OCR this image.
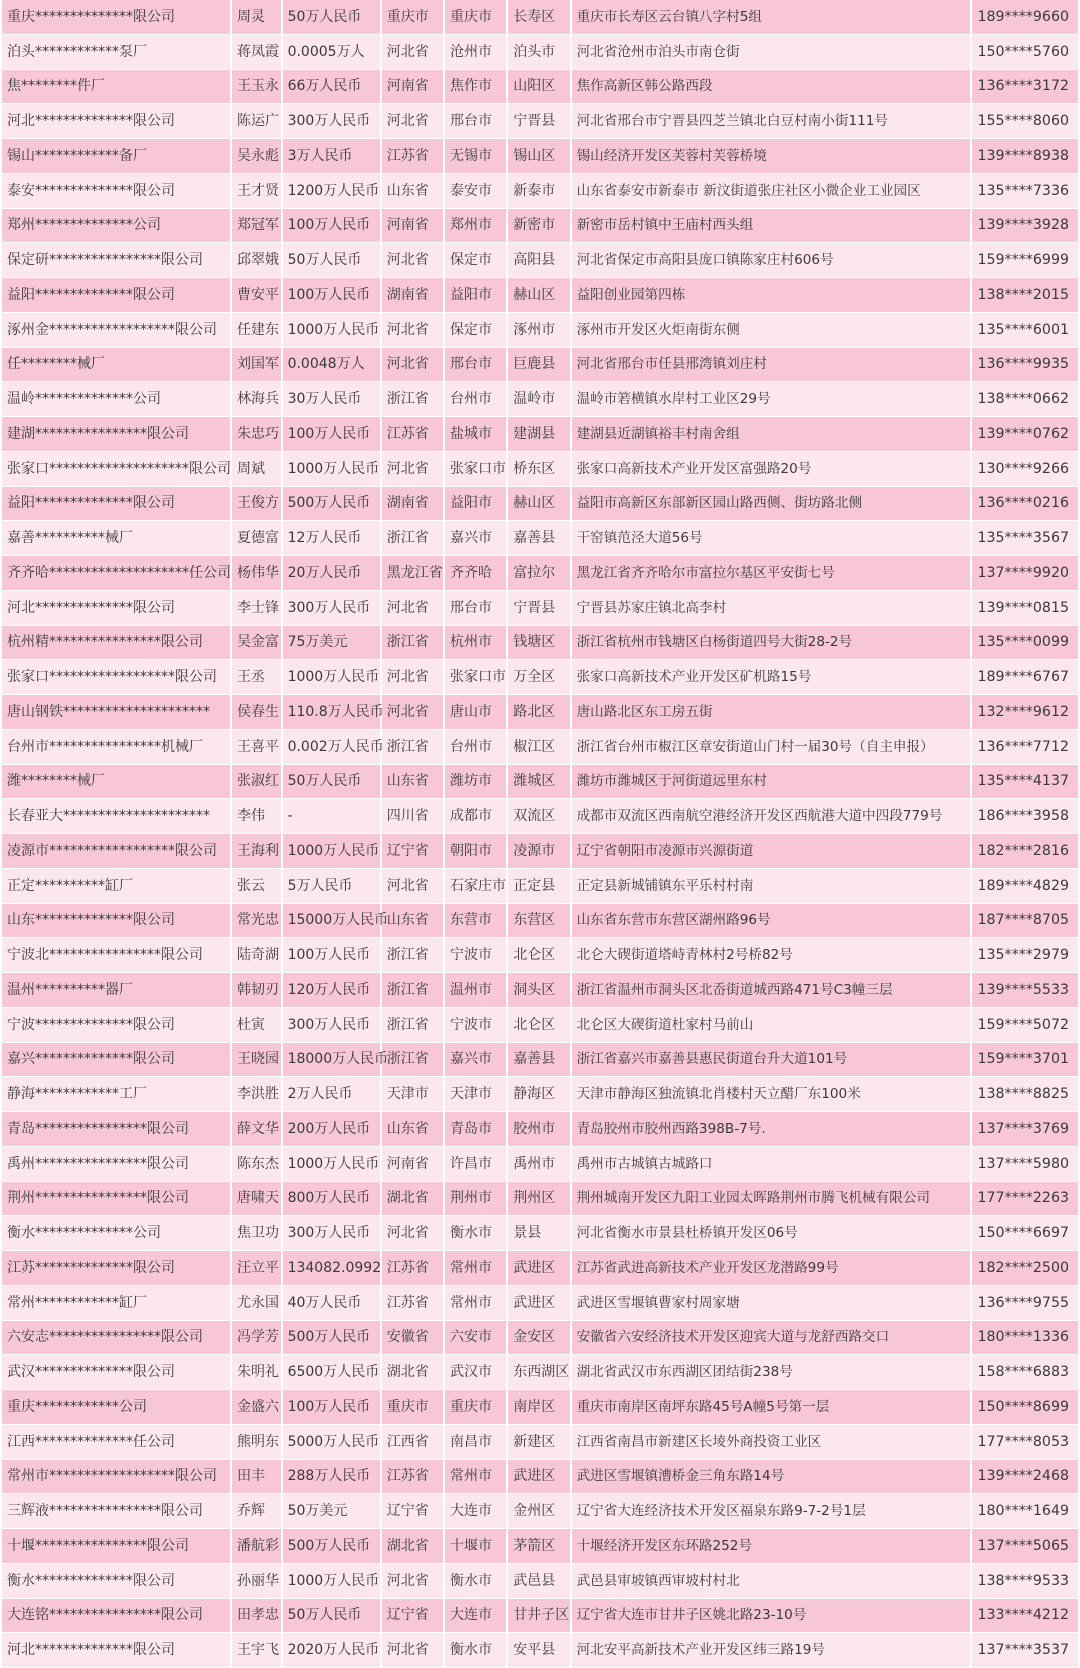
重庆**************限公司	周灵	50万人民币	重庆市	重庆市	长寿区	重庆市长寿区云台镇八字村5组	189****9660
泊头************泵厂	蒋凤霞	0.0005万人	河北省	沧州市	泊头市	河北省沧州市泊头市南仓街	150****5760
焦********件厂	王玉永	66万人民币	河南省	焦作市	山阳区	焦作高新区韩公路西段	136****3172
河北**************限公司	陈运广	300万人民币	河北省	邢台市	宁晋县	河北省邢台市宁晋县四芝兰镇北白豆村南小街111号	155****8060
锡山************备厂	吴永彪	3万人民币	江苏省	无锡市	锡山区	锡山经济开发区芙蓉村芙蓉桥境	139****8938
泰安**************限公司	王才贤	1200万人民币	山东省	泰安市	新泰市	山东省泰安市新泰市 新汶街道张庄社区小微企业工业园区	135****7336
郑州**************公司	郑冠军	100万人民币	河南省	郑州市	新密市	新密市岳村镇中王庙村西头组	139****3928
保定研****************限公司	邱翠娥	50万人民币	河北省	保定市	高阳县	河北省保定市高阳县庞口镇陈家庄村606号	159****6999
益阳**************限公司	曹安平	100万人民币	湖南省	益阳市	赫山区	益阳创业园第四栋	138****2015
涿州金******************限公司	任建东	1000万人民币	河北省	保定市	涿州市	涿州市开发区火炬南街东侧	135****6001
任********械厂	刘国军	0.0048万人	河北省	邢台市	巨鹿县	河北省邢台市任县邢湾镇刘庄村	136****9935
温岭**************公司	林海兵	30万人民币	浙江省	台州市	温岭市	温岭市箬横镇水岸村工业区29号	138****0662
建湖****************限公司	朱忠巧	100万人民币	江苏省	盐城市	建湖县	建湖县近湖镇裕丰村南舍组	139****0762
张家口********************限公司	周斌	1000万人民币	河北省	张家口市	桥东区	张家口高新技术产业开发区富强路20号	130****9266
益阳**************限公司	王俊方	500万人民币	湖南省	益阳市	赫山区	益阳市高新区东部新区园山路西侧、街坊路北侧	136****0216
嘉善**********械厂	夏德富	12万人民币	浙江省	嘉兴市	嘉善县	干窑镇范泾大道56号	135****3567
齐齐哈********************任公司	杨伟华	20万人民币	黑龙江省	齐齐哈	富拉尔	黑龙江省齐齐哈尔市富拉尔基区平安街七号	137****9920
河北**************限公司	李士锋	300万人民币	河北省	邢台市	宁晋县	宁晋县苏家庄镇北高李村	139****0815
杭州精****************限公司	吴金富	75万美元	浙江省	杭州市	钱塘区	浙江省杭州市钱塘区白杨街道四号大街28-2号	135****0099
张家口******************限公司	王丞	1000万人民币	河北省	张家口市	万全区	张家口高新技术产业开发区矿机路15号	189****6767
唐山钢铁*********************	侯春生	110.8万人民币	河北省	唐山市	路北区	唐山路北区东工房五街	132****9612
台州市****************机械厂	王喜平	0.002万人民币	浙江省	台州市	椒江区	浙江省台州市椒江区章安街道山门村一届30号（自主申报）	136****7712
潍********械厂	张淑红	50万人民币	山东省	潍坊市	潍城区	潍坊市潍城区于河街道远里东村	135****4137
长春亚大*********************	李伟	-	四川省	成都市	双流区	成都市双流区西南航空港经济开发区西航港大道中四段779号	186****3958
凌源市******************限公司	王海利	1000万人民币	辽宁省	朝阳市	凌源市	辽宁省朝阳市凌源市兴源街道	182****2816
正定**********缸厂	张云	5万人民币	河北省	石家庄市	正定县	正定县新城铺镇东平乐村村南	189****4829
山东**************限公司	常光忠	15000万人民币	山东省	东营市	东营区	山东省东营市东营区湖州路96号	187****8705
宁波北****************限公司	陆奇湖	100万人民币	浙江省	宁波市	北仑区	北仑大碶街道塔峙青林村2号桥82号	135****2979
温州**********器厂	韩韧刃	120万人民币	浙江省	温州市	洞头区	浙江省温州市洞头区北岙街道城西路471号C3幢三层	139****5533
宁波**************限公司	杜寅	300万人民币	浙江省	宁波市	北仑区	北仑区大碶街道杜家村马前山	159****5072
嘉兴**************限公司	王晓园	18000万人民币	浙江省	嘉兴市	嘉善县	浙江省嘉兴市嘉善县惠民街道台升大道101号	159****3701
静海************工厂	李洪胜	2万人民币	天津市	天津市	静海区	天津市静海区独流镇北肖楼村天立醋厂东100米	138****8825
青岛****************限公司	薛文华	200万人民币	山东省	青岛市	胶州市	青岛胶州市胶州西路398B-7号.	137****3769
禹州****************限公司	陈东杰	1000万人民币	河南省	许昌市	禹州市	禹州市古城镇古城路口	137****5980
荆州****************限公司	唐啸天	800万人民币	湖北省	荆州市	荆州区	荆州城南开发区九阳工业园太晖路荆州市腾飞机械有限公司	177****2263
衡水**************公司	焦卫功	300万人民币	河北省	衡水市	景县	河北省衡水市景县杜桥镇开发区06号	150****6697
江苏**************限公司	汪立平	134082.0992	江苏省	常州市	武进区	江苏省武进高新技术产业开发区龙潜路99号	182****2500
常州************缸厂	尤永国	40万人民币	江苏省	常州市	武进区	武进区雪堰镇曹家村周家塘	136****9755
六安志****************限公司	冯学芳	500万人民币	安徽省	六安市	金安区	安徽省六安经济技术开发区迎宾大道与龙舒西路交口	180****1336
武汉**************限公司	朱明礼	6500万人民币	湖北省	武汉市	东西湖区	湖北省武汉市东西湖区团结街238号	158****6883
重庆************公司	金盛六	100万人民币	重庆市	重庆市	南岸区	重庆市南岸区南坪东路45号A幢5号第一层	150****8699
江西**************任公司	熊明东	5000万人民币	江西省	南昌市	新建区	江西省南昌市新建区长堎外商投资工业区	177****8053
常州市******************限公司	田丰	288万人民币	江苏省	常州市	武进区	武进区雪堰镇漕桥金三角东路14号	139****2468
三辉液****************限公司	乔辉	50万美元	辽宁省	大连市	金州区	辽宁省大连经济技术开发区福泉东路9-7-2号1层	180****1649
十堰****************限公司	潘航彩	500万人民币	湖北省	十堰市	茅箭区	十堰经济开发区东环路252号	137****5065
衡水**************限公司	孙丽华	1000万人民币	河北省	衡水市	武邑县	武邑县审坡镇西审坡村村北	138****9533
大连铭****************限公司	田孝忠	50万人民币	辽宁省	大连市	甘井子区	辽宁省大连市甘井子区姚北路23-10号	133****4212
河北**************限公司	王宇飞	2020万人民币	河北省	衡水市	安平县	河北安平高新技术产业开发区纬三路19号	137****3537
